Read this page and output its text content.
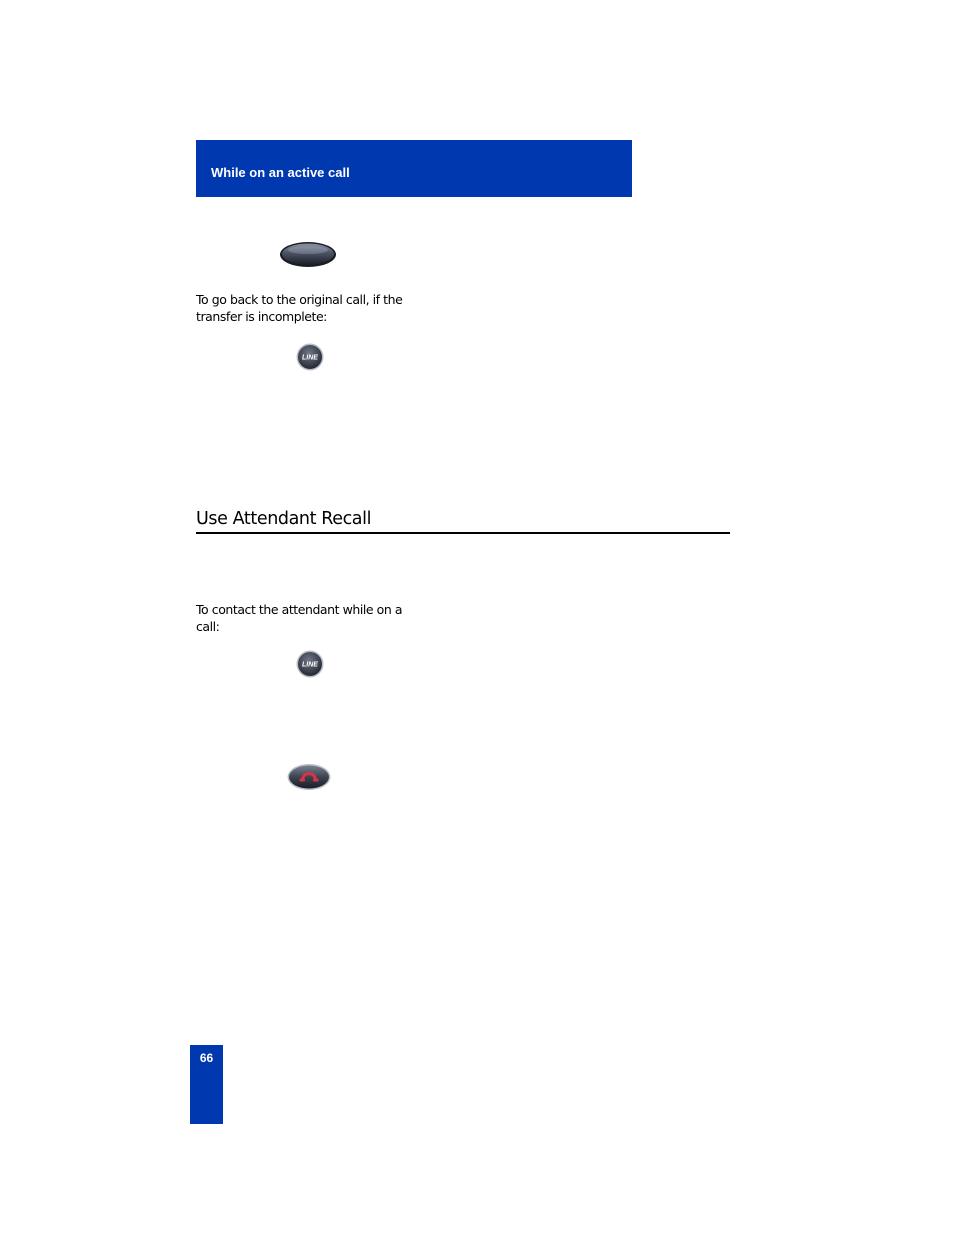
While on an active call
To go back to the original call, if the transfer is incomplete:
LINE
Use Attendant Recall
To contact the attendant while on a call:
LINE
66
